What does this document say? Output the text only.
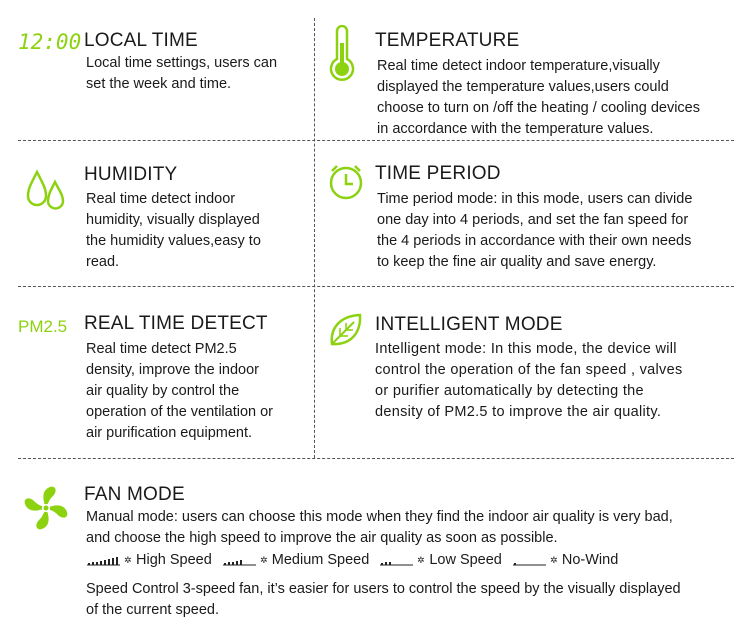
12:00 LOCAL TIME
Local time settings, users can
set the week and time.
TEMPERATURE
Real time detect indoor temperature,visually
displayed the temperature values,users could
choose to turn on /off the heating / cooling devices
in accordance with the temperature values.
HUMIDITY
Real time detect indoor
humidity, visually displayed
the humidity values,easy to
read.
TIME PERIOD
Time period mode: in this mode, users can divide
one day into 4 periods, and set the fan speed for
the 4 periods in accordance with their own needs
to keep the fine air quality and save energy.
PM2.5 REAL TIME DETECT
Real time detect PM2.5
density, improve the indoor
air quality by control the
operation of the ventilation or
air purification equipment.
INTELLIGENT MODE
Intelligent mode: In this mode, the device will
control the operation of the fan speed , valves
or purifier automatically by detecting the
density of PM2.5 to improve the air quality.
FAN MODE
Manual mode: users can choose this mode when they find the indoor air quality is very bad,
and choose the high speed to improve the air quality as soon as possible.
✲ High Speed	✲ Medium Speed	✲ Low Speed	✲ No-Wind
Speed Control 3-speed fan, it’s easier for users to control the speed by the visually displayed
of the current speed.
